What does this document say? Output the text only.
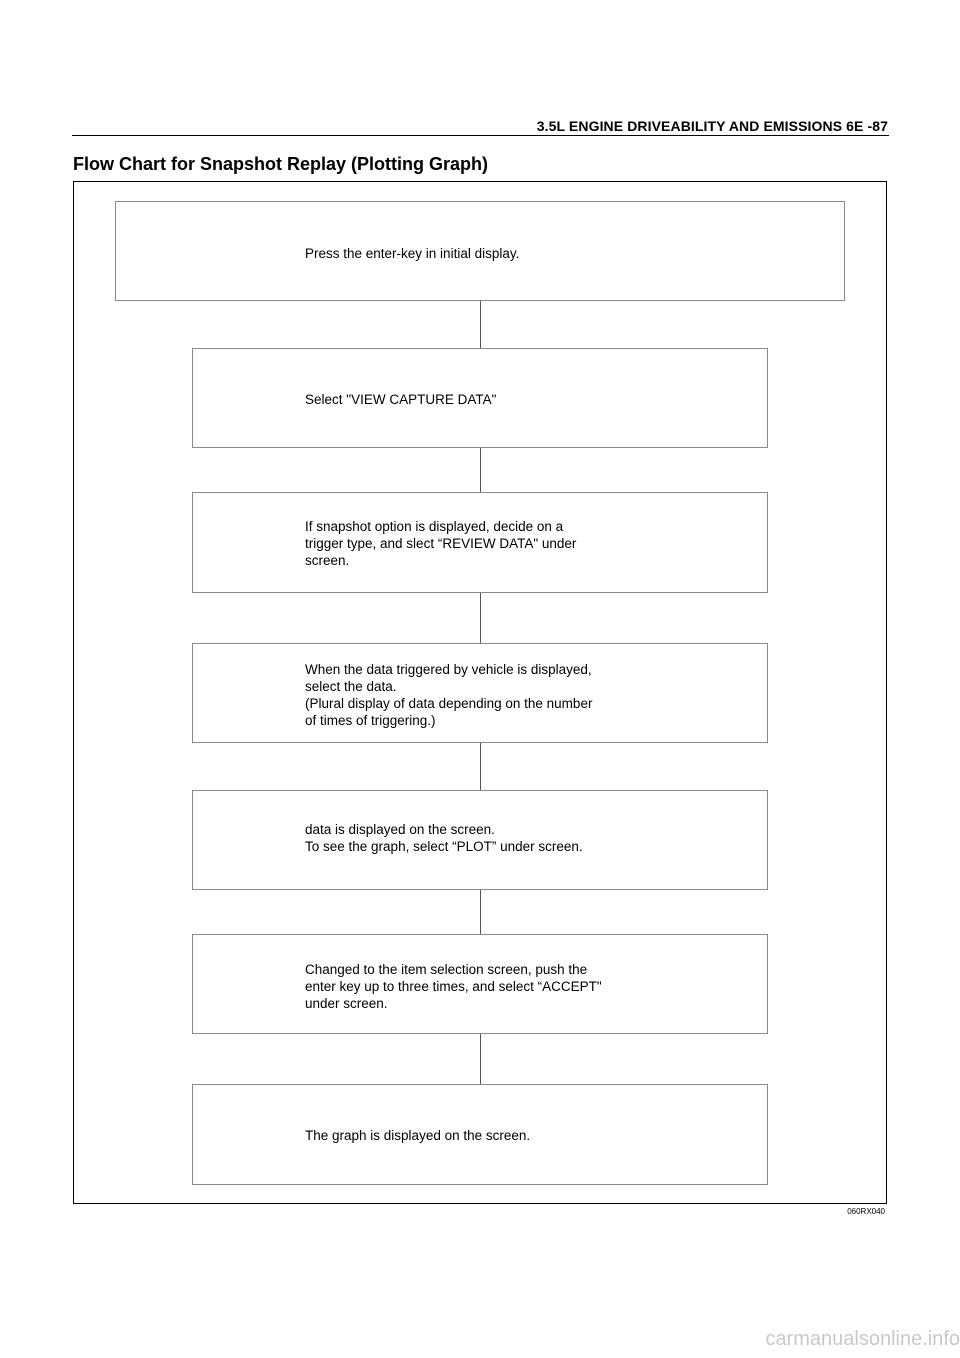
3.5L ENGINE DRIVEABILITY AND EMISSIONS 6E -87
Flow Chart for Snapshot Replay (Plotting Graph)
Press the enter-key in initial display.
Select "VIEW CAPTURE DATA"
If snapshot option is displayed, decide on a
trigger type, and slect “REVIEW DATA" under
screen.
When the data triggered by vehicle is displayed,
select the data.
(Plural display of data depending on the number
of times of triggering.)
data is displayed on the screen.
To see the graph, select “PLOT” under screen.
Changed to the item selection screen, push the
enter key up to three times, and select “ACCEPT"
under screen.
The graph is displayed on the screen.
060RX040
carmanualsonline.info
